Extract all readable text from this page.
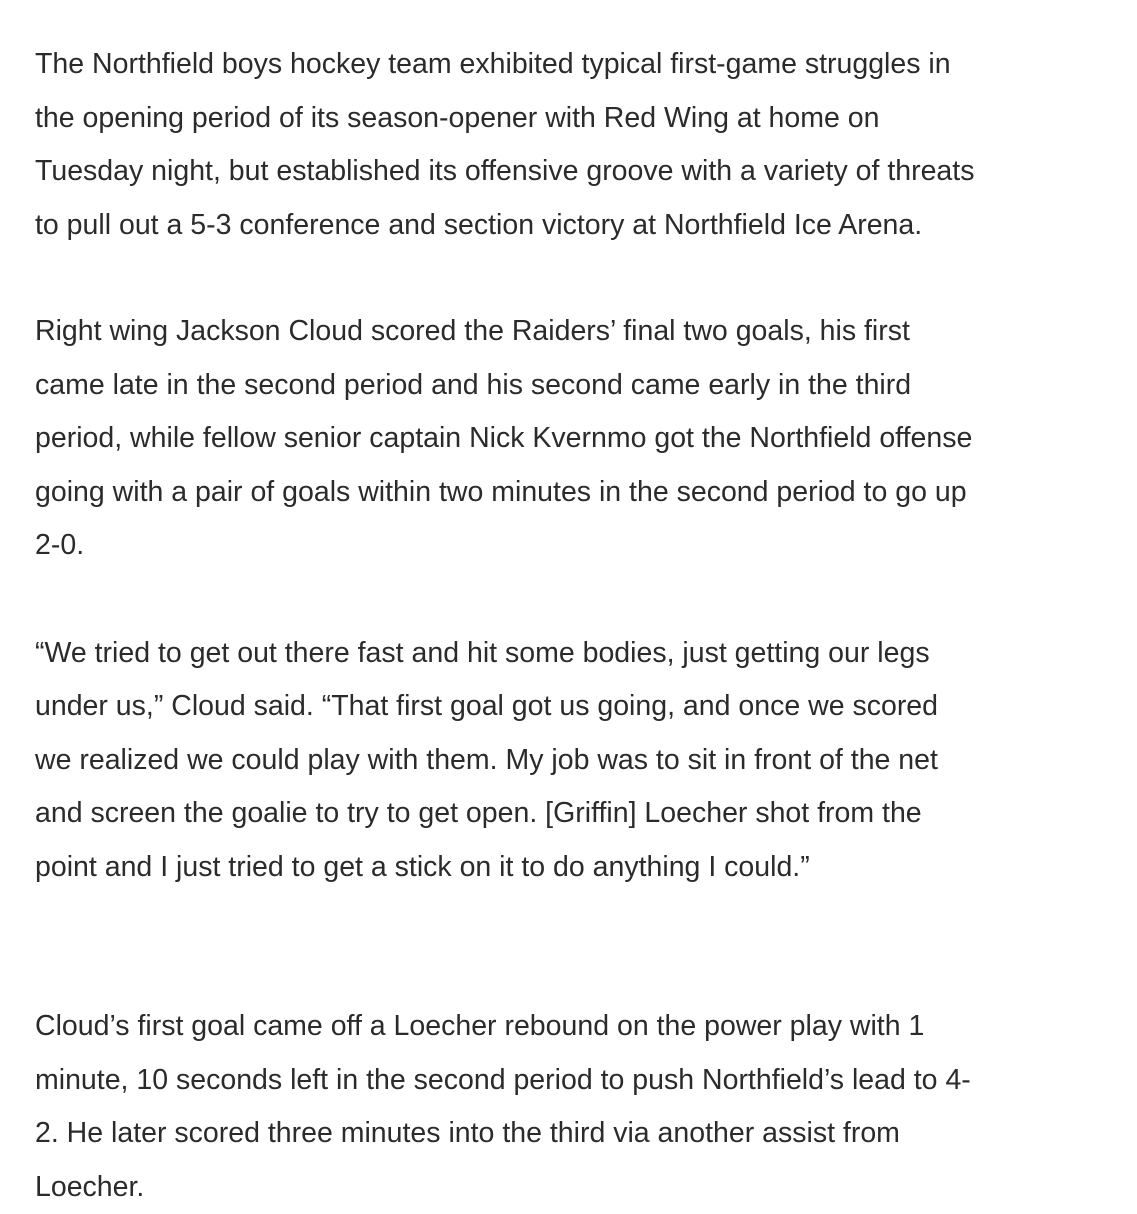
The Northfield boys hockey team exhibited typical first-game struggles in
the opening period of its season-opener with Red Wing at home on
Tuesday night, but established its offensive groove with a variety of threats
to pull out a 5-3 conference and section victory at Northfield Ice Arena.

Right wing Jackson Cloud scored the Raiders’ final two goals, his first
came late in the second period and his second came early in the third
period, while fellow senior captain Nick Kvernmo got the Northfield offense
going with a pair of goals within two minutes in the second period to go up
2-0.

“We tried to get out there fast and hit some bodies, just getting our legs
under us,” Cloud said. “That first goal got us going, and once we scored
we realized we could play with them. My job was to sit in front of the net
and screen the goalie to try to get open. [Griffin] Loecher shot from the
point and I just tried to get a stick on it to do anything I could.”

Cloud’s first goal came off a Loecher rebound on the power play with 1
minute, 10 seconds left in the second period to push Northfield’s lead to 4-
2. He later scored three minutes into the third via another assist from
Loecher.
